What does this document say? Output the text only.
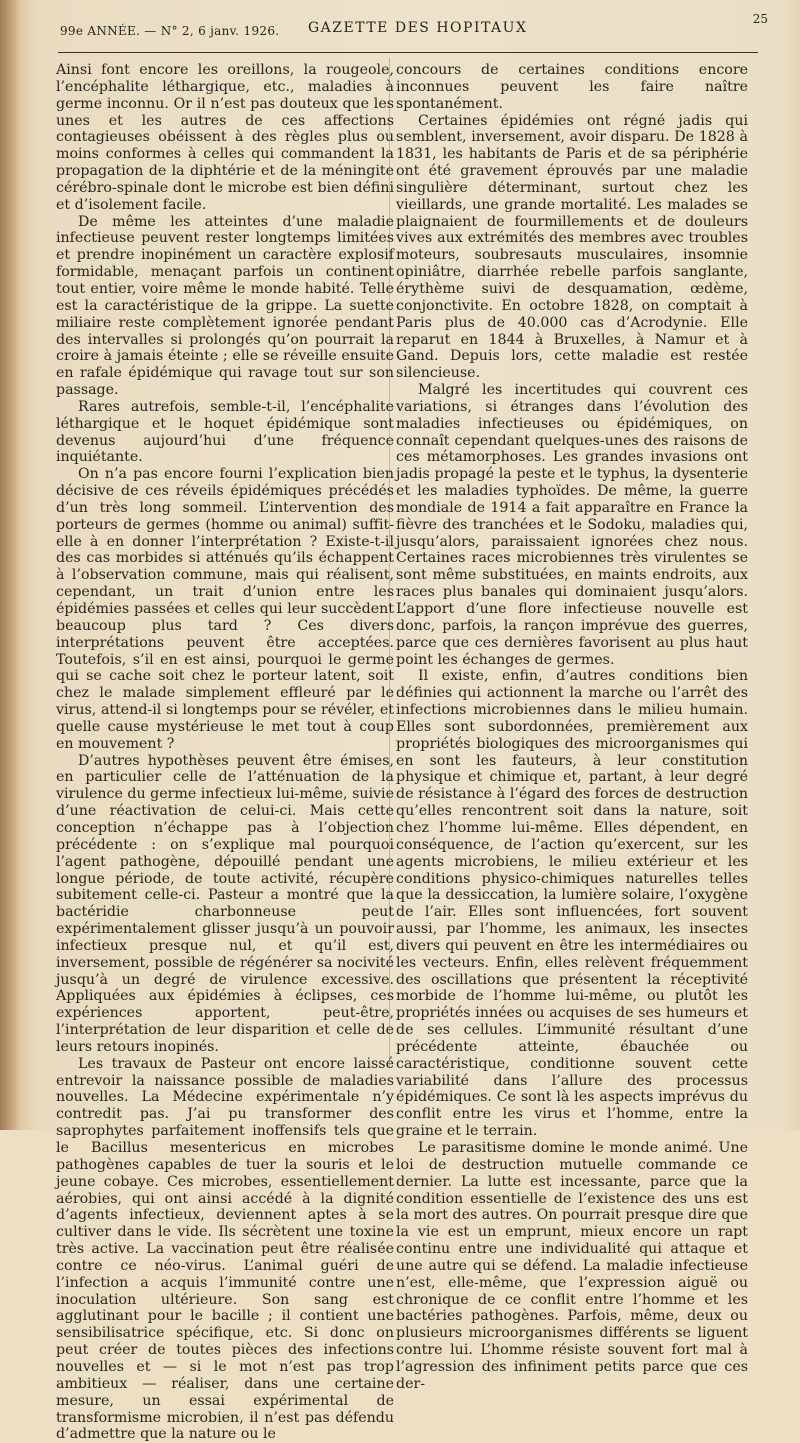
99e ANNÉE. — N° 2, 6 janv. 1926. GAZETTE DES HOPITAUX
25

Ainsi font encore les oreillons, la rougeole, l’encéphalite léthargique, etc., maladies à germe inconnu. Or il n’est pas douteux que les unes et les autres de ces affections contagieuses obéissent à des règles plus ou moins conformes à celles qui commandent la propagation de la diphtérie et de la méningite cérébro-spinale dont le microbe est bien défini et d’isolement facile.

De même les atteintes d’une maladie infectieuse peuvent rester longtemps limitées et prendre inopinément un caractère explosif formidable, menaçant parfois un continent tout entier, voire même le monde habité. Telle est la caractéristique de la grippe. La suette miliaire reste complètement ignorée pendant des intervalles si prolongés qu’on pourrait la croire à jamais éteinte ; elle se réveille ensuite en rafale épidémique qui ravage tout sur son passage.

Rares autrefois, semble-t-il, l’encéphalite léthargique et le hoquet épidémique sont devenus aujourd’hui d’une fréquence inquiétante.

On n’a pas encore fourni l’explication bien décisive de ces réveils épidémiques précédés d’un très long sommeil. L’intervention des porteurs de germes (homme ou animal) suffit-elle à en donner l’interprétation ? Existe-t-il des cas morbides si atténués qu’ils échappent à l’observation commune, mais qui réalisent, cependant, un trait d’union entre les épidémies passées et celles qui leur succèdent beaucoup plus tard ? Ces divers interprétations peuvent être acceptées. Toutefois, s’il en est ainsi, pourquoi le germe qui se cache soit chez le porteur latent, soit chez le malade simplement effleuré par le virus, attend-il si longtemps pour se révéler, et quelle cause mystérieuse le met tout à coup en mouvement ?

D’autres hypothèses peuvent être émises, en particulier celle de l’atténuation de la virulence du germe infectieux lui-même, suivie d’une réactivation de celui-ci. Mais cette conception n’échappe pas à l’objection précédente : on s’explique mal pourquoi l’agent pathogène, dépouillé pendant une longue période, de toute activité, récupère subitement celle-ci. Pasteur a montré que la bactéridie charbonneuse peut expérimentalement glisser jusqu’à un pouvoir infectieux presque nul, et qu’il est, inversement, possible de régénérer sa nocivité jusqu’à un degré de virulence excessive. Appliquées aux épidémies à éclipses, ces expériences apportent, peut-être, l’interprétation de leur disparition et celle de leurs retours inopinés.

Les travaux de Pasteur ont encore laissé entrevoir la naissance possible de maladies nouvelles. La Médecine expérimentale n’y contredit pas. J’ai pu transformer des saprophytes parfaitement inoffensifs tels que le Bacillus mesentericus en microbes pathogènes capables de tuer la souris et le jeune cobaye. Ces microbes, essentiellement aérobies, qui ont ainsi accédé à la dignité d’agents infectieux, deviennent aptes à se cultiver dans le vide. Ils sécrètent une toxine très active. La vaccination peut être réalisée contre ce néo-virus. L’animal guéri de l’infection a acquis l’immunité contre une inoculation ultérieure. Son sang est agglutinant pour le bacille ; il contient une sensibilisatrice spécifique, etc. Si donc on peut créer de toutes pièces des infections nouvelles et — si le mot n’est pas trop ambitieux — réaliser, dans une certaine mesure, un essai expérimental de transformisme microbien, il n’est pas défendu d’admettre que la nature ou le

concours de certaines conditions encore inconnues peuvent les faire naître spontanément.

Certaines épidémies ont régné jadis qui semblent, inversement, avoir disparu. De 1828 à 1831, les habitants de Paris et de sa périphérie ont été gravement éprouvés par une maladie singulière déterminant, surtout chez les vieillards, une grande mortalité. Les malades se plaignaient de fourmillements et de douleurs vives aux extrémités des membres avec troubles moteurs, soubresauts musculaires, insomnie opiniâtre, diarrhée rebelle parfois sanglante, érythème suivi de desquamation, œdème, conjonctivite. En octobre 1828, on comptait à Paris plus de 40.000 cas d’Acrodynie. Elle reparut en 1844 à Bruxelles, à Namur et à Gand. Depuis lors, cette maladie est restée silencieuse.

Malgré les incertitudes qui couvrent ces variations, si étranges dans l’évolution des maladies infectieuses ou épidémiques, on connaît cependant quelques-unes des raisons de ces métamorphoses. Les grandes invasions ont jadis propagé la peste et le typhus, la dysenterie et les maladies typhoïdes. De même, la guerre mondiale de 1914 a fait apparaître en France la fièvre des tranchées et le Sodoku, maladies qui, jusqu’alors, paraissaient ignorées chez nous. Certaines races microbiennes très virulentes se sont même substituées, en maints endroits, aux races plus banales qui dominaient jusqu’alors. L’apport d’une flore infectieuse nouvelle est donc, parfois, la rançon imprévue des guerres, parce que ces dernières favorisent au plus haut point les échanges de germes.

Il existe, enfin, d’autres conditions bien définies qui actionnent la marche ou l’arrêt des infections microbiennes dans le milieu humain. Elles sont subordonnées, premièrement aux propriétés biologiques des microorganismes qui en sont les fauteurs, à leur constitution physique et chimique et, partant, à leur degré de résistance à l’égard des forces de destruction qu’elles rencontrent soit dans la nature, soit chez l’homme lui-même. Elles dépendent, en conséquence, de l’action qu’exercent, sur les agents microbiens, le milieu extérieur et les conditions physico-chimiques naturelles telles que la dessiccation, la lumière solaire, l’oxygène de l’air. Elles sont influencées, fort souvent aussi, par l’homme, les animaux, les insectes divers qui peuvent en être les intermédiaires ou les vecteurs. Enfin, elles relèvent fréquemment des oscillations que présentent la réceptivité morbide de l’homme lui-même, ou plutôt les propriétés innées ou acquises de ses humeurs et de ses cellules. L’immunité résultant d’une précédente atteinte, ébauchée ou caractéristique, conditionne souvent cette variabilité dans l’allure des processus épidémiques. Ce sont là les aspects imprévus du conflit entre les virus et l’homme, entre la graine et le terrain.

Le parasitisme domine le monde animé. Une loi de destruction mutuelle commande ce dernier. La lutte est incessante, parce que la condition essentielle de l’existence des uns est la mort des autres. On pourrait presque dire que la vie est un emprunt, mieux encore un rapt continu entre une individualité qui attaque et une autre qui se défend. La maladie infectieuse n’est, elle-même, que l’expression aiguë ou chronique de ce conflit entre l’homme et les bactéries pathogènes. Parfois, même, deux ou plusieurs microorganismes différents se liguent contre lui. L’homme résiste souvent fort mal à l’agression des infiniment petits parce que ces der-
